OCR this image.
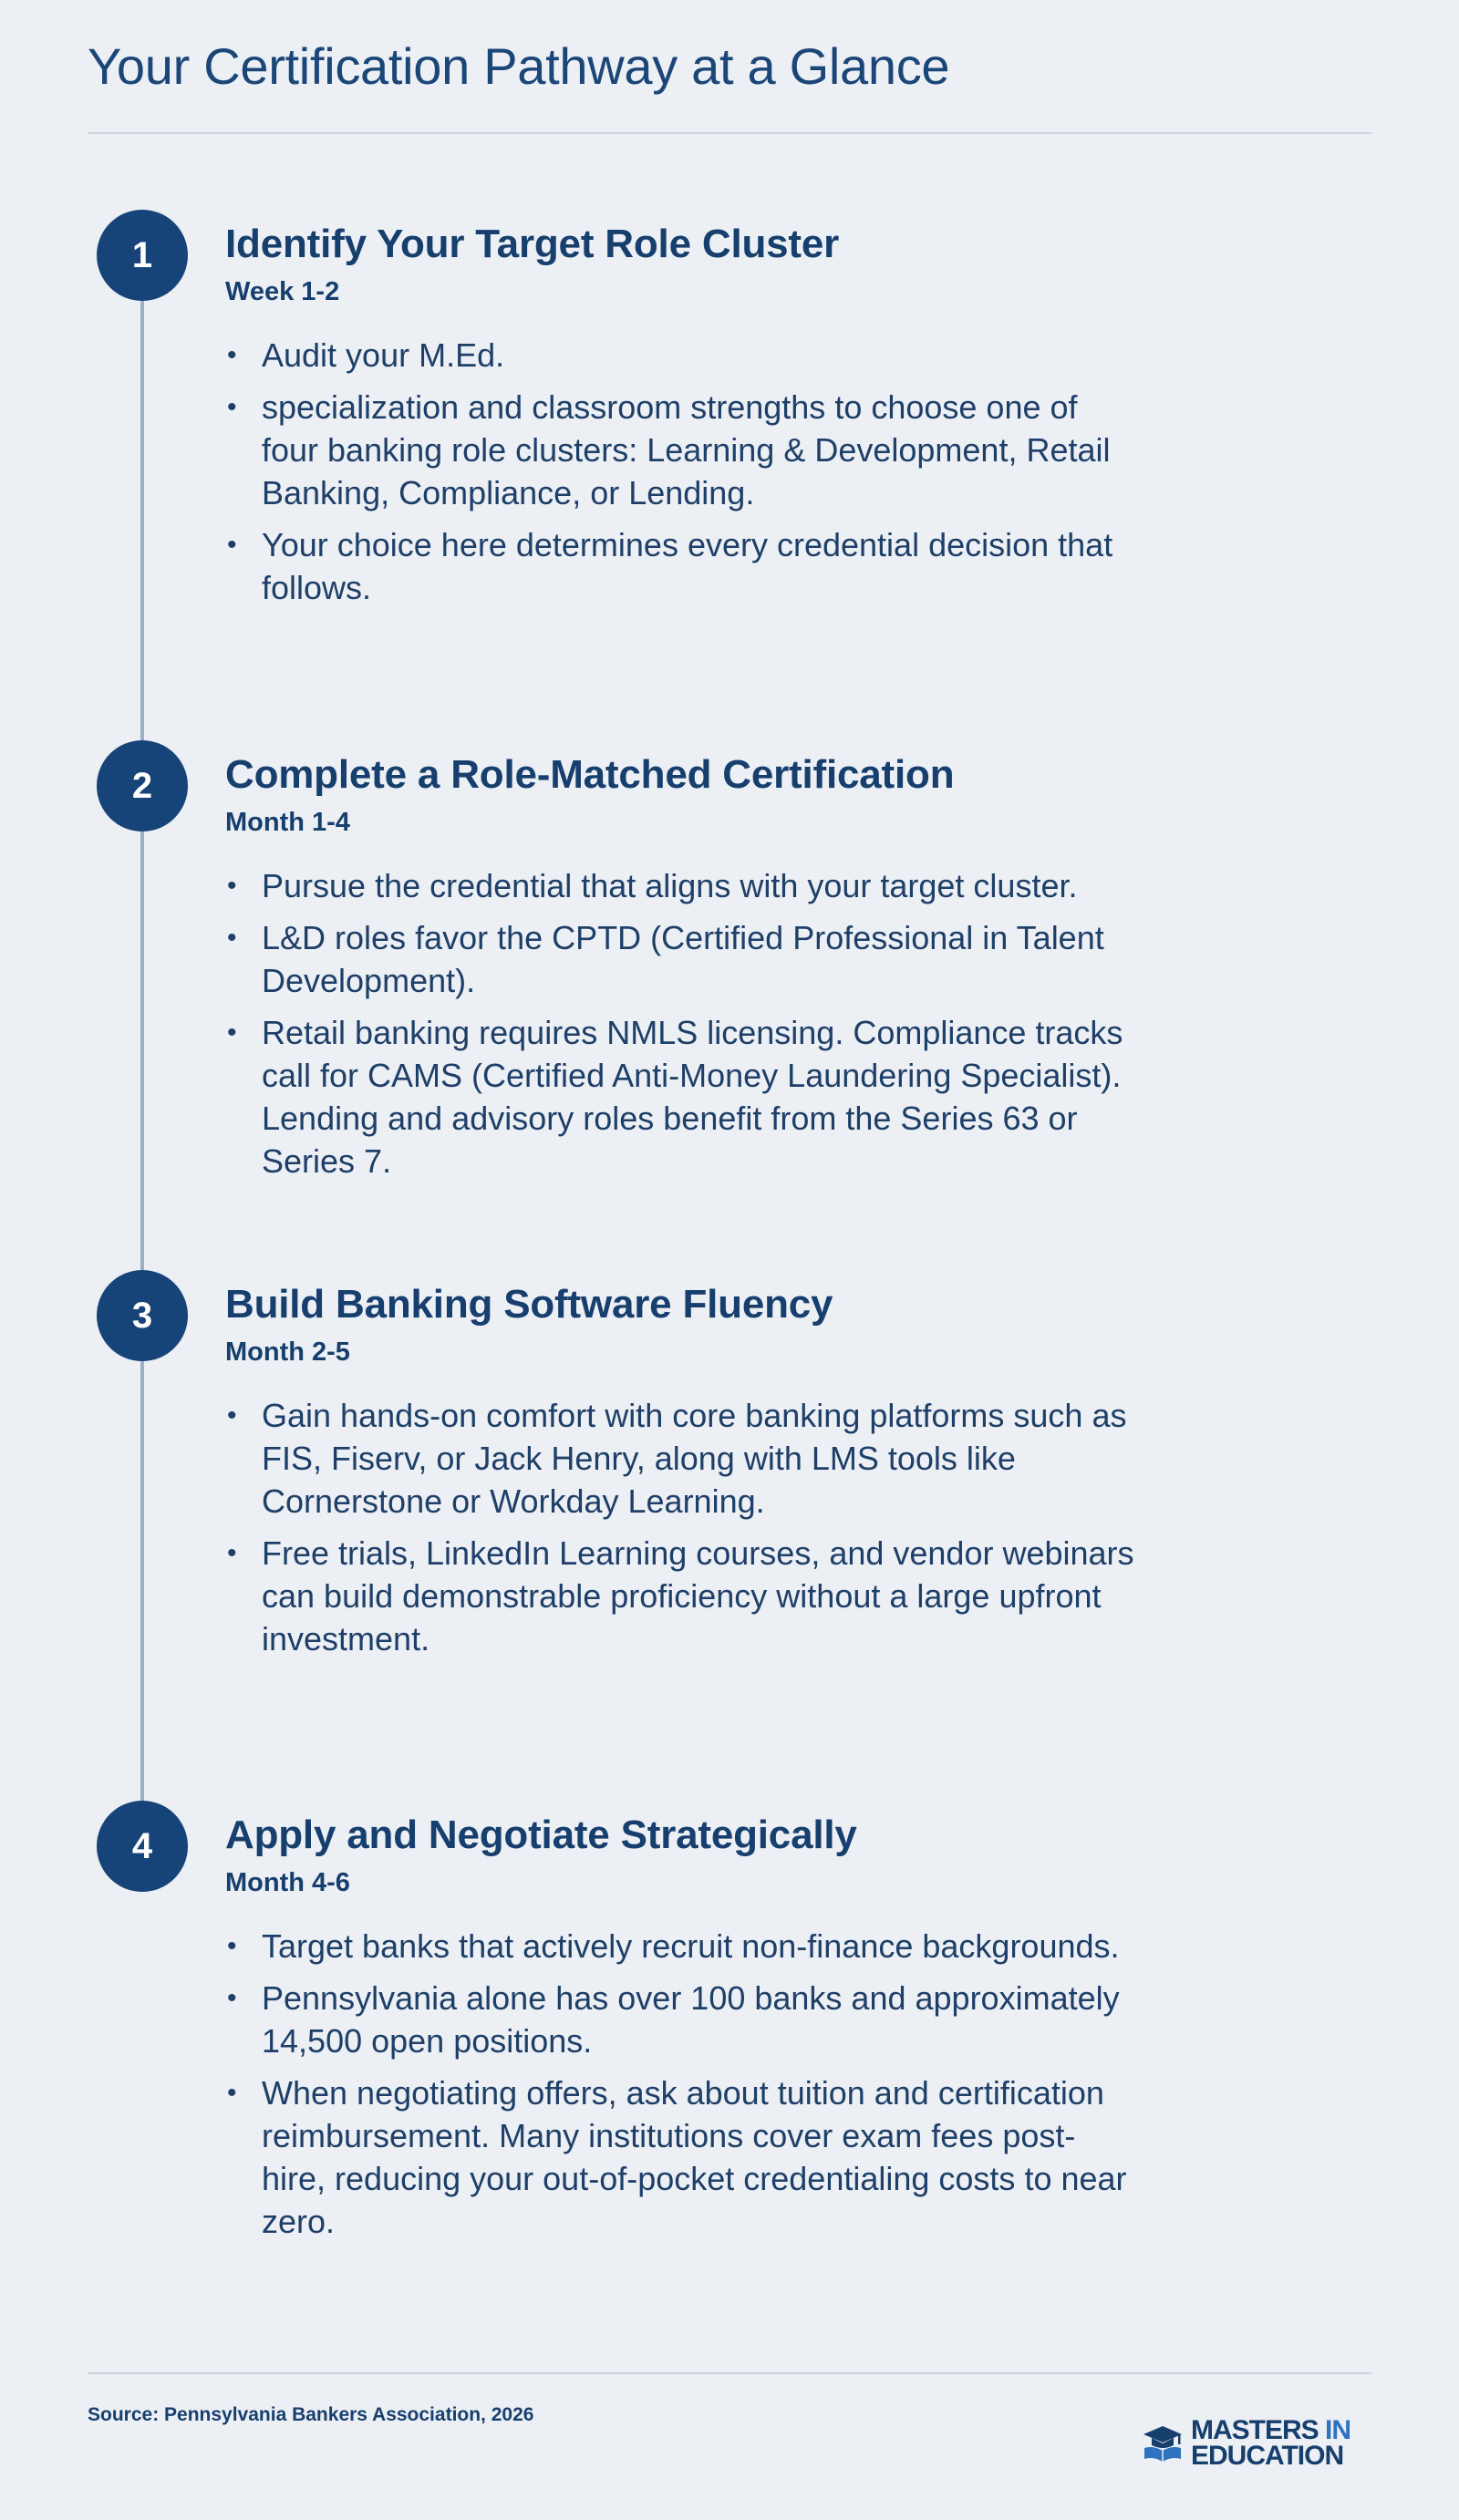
Your Certification Pathway at a Glance
1	Identify Your Target Role Cluster
Week 1-2
• Audit your M.Ed.
• specialization and classroom strengths to choose one of four banking role clusters: Learning & Development, Retail Banking, Compliance, or Lending.
• Your choice here determines every credential decision that follows.
2	Complete a Role-Matched Certification
Month 1-4
• Pursue the credential that aligns with your target cluster.
• L&D roles favor the CPTD (Certified Professional in Talent Development).
• Retail banking requires NMLS licensing. Compliance tracks call for CAMS (Certified Anti-Money Laundering Specialist). Lending and advisory roles benefit from the Series 63 or Series 7.
3	Build Banking Software Fluency
Month 2-5
• Gain hands-on comfort with core banking platforms such as FIS, Fiserv, or Jack Henry, along with LMS tools like Cornerstone or Workday Learning.
• Free trials, LinkedIn Learning courses, and vendor webinars can build demonstrable proficiency without a large upfront investment.
4	Apply and Negotiate Strategically
Month 4-6
• Target banks that actively recruit non-finance backgrounds.
• Pennsylvania alone has over 100 banks and approximately 14,500 open positions.
• When negotiating offers, ask about tuition and certification reimbursement. Many institutions cover exam fees post-hire, reducing your out-of-pocket credentialing costs to near zero.
Source: Pennsylvania Bankers Association, 2026
MASTERS IN
EDUCATION
